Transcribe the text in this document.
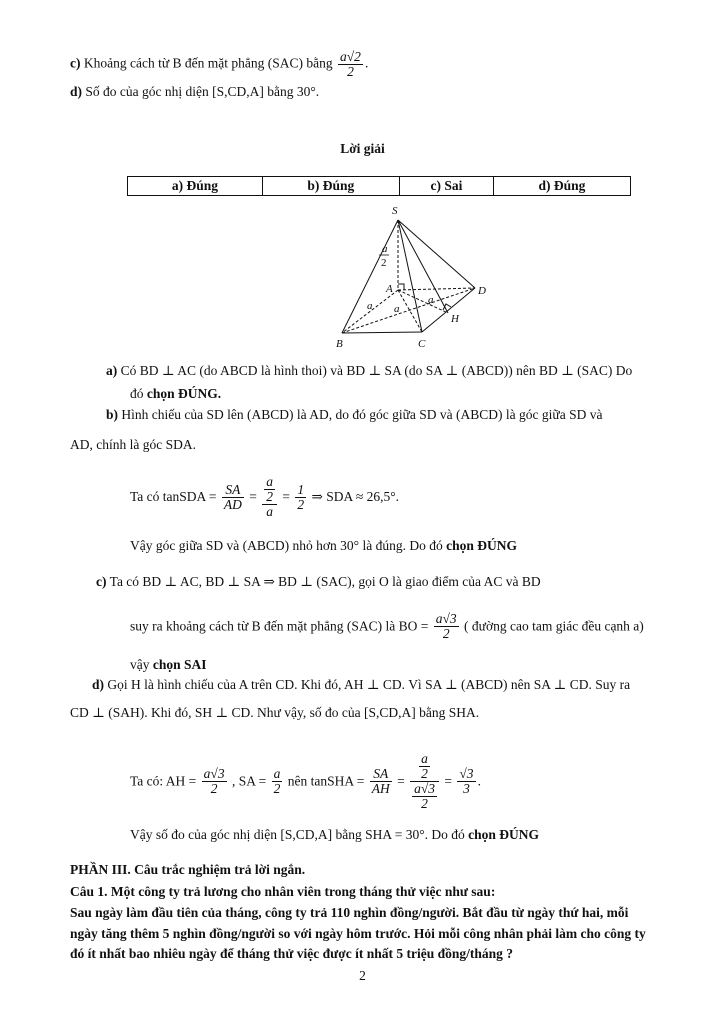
c) Khoảng cách từ B đến mặt phẳng (SAC) bằng $\frac{a√2}{2}$ .
d) Số đo của góc nhị diện [S,CD,A] bằng 30°.
Lời giải
a) Đúng	b) Đúng	c) Sai	d) Đúng
S
A
B	C
D
H
a a
a
a
2
a) Có BD ⊥ AC (do ABCD là hình thoi) và BD ⊥ SA (do SA ⊥ (ABCD)) nên BD ⊥ (SAC) Do
đó chọn ĐÚNG.
b) Hình chiếu của SD lên (ABCD) là AD, do đó góc giữa SD và (ABCD) là góc giữa SD và
AD, chính là góc SDA.
Ta có tanSDA = $\frac{SA}{AD} = \frac{\frac{a}{2}}{a} = \frac{1}{2}$ ⇒ SDA ≈ 26,5°.
Vậy góc giữa SD và (ABCD) nhỏ hơn 30° là đúng. Do đó chọn ĐÚNG
c) Ta có BD ⊥ AC, BD ⊥ SA ⇒ BD ⊥ (SAC), gọi O là giao điểm của AC và BD
suy ra khoảng cách từ B đến mặt phẳng (SAC) là BO = $\frac{a√3}{2}$ ( đường cao tam giác đều cạnh a)
vậy chọn SAI
d) Gọi H là hình chiếu của A trên CD. Khi đó, AH ⊥ CD. Vì SA ⊥ (ABCD) nên SA ⊥ CD. Suy ra
CD ⊥ (SAH). Khi đó, SH ⊥ CD. Như vậy, số đo của [S,CD,A] bằng SHA.
Ta có: AH = $\frac{a√3}{2}$ , SA = $\frac{a}{2}$ nên tanSHA = $\frac{SA}{AH} = \frac{\frac{a}{2}}{\frac{a√3}{2}} = \frac{√3}{3}$ .
Vậy số đo của góc nhị diện [S,CD,A] bằng SHA = 30°. Do đó chọn ĐÚNG
PHẦN III. Câu trắc nghiệm trả lời ngắn.
Câu 1. Một công ty trả lương cho nhân viên trong tháng thử việc như sau:
Sau ngày làm đầu tiên của tháng, công ty trả 110 nghìn đồng/người. Bắt đầu từ ngày thứ hai, mỗi
ngày tăng thêm 5 nghìn đồng/người so với ngày hôm trước. Hỏi mỗi công nhân phải làm cho công ty
đó ít nhất bao nhiêu ngày để tháng thử việc được ít nhất 5 triệu đồng/tháng ?
2
